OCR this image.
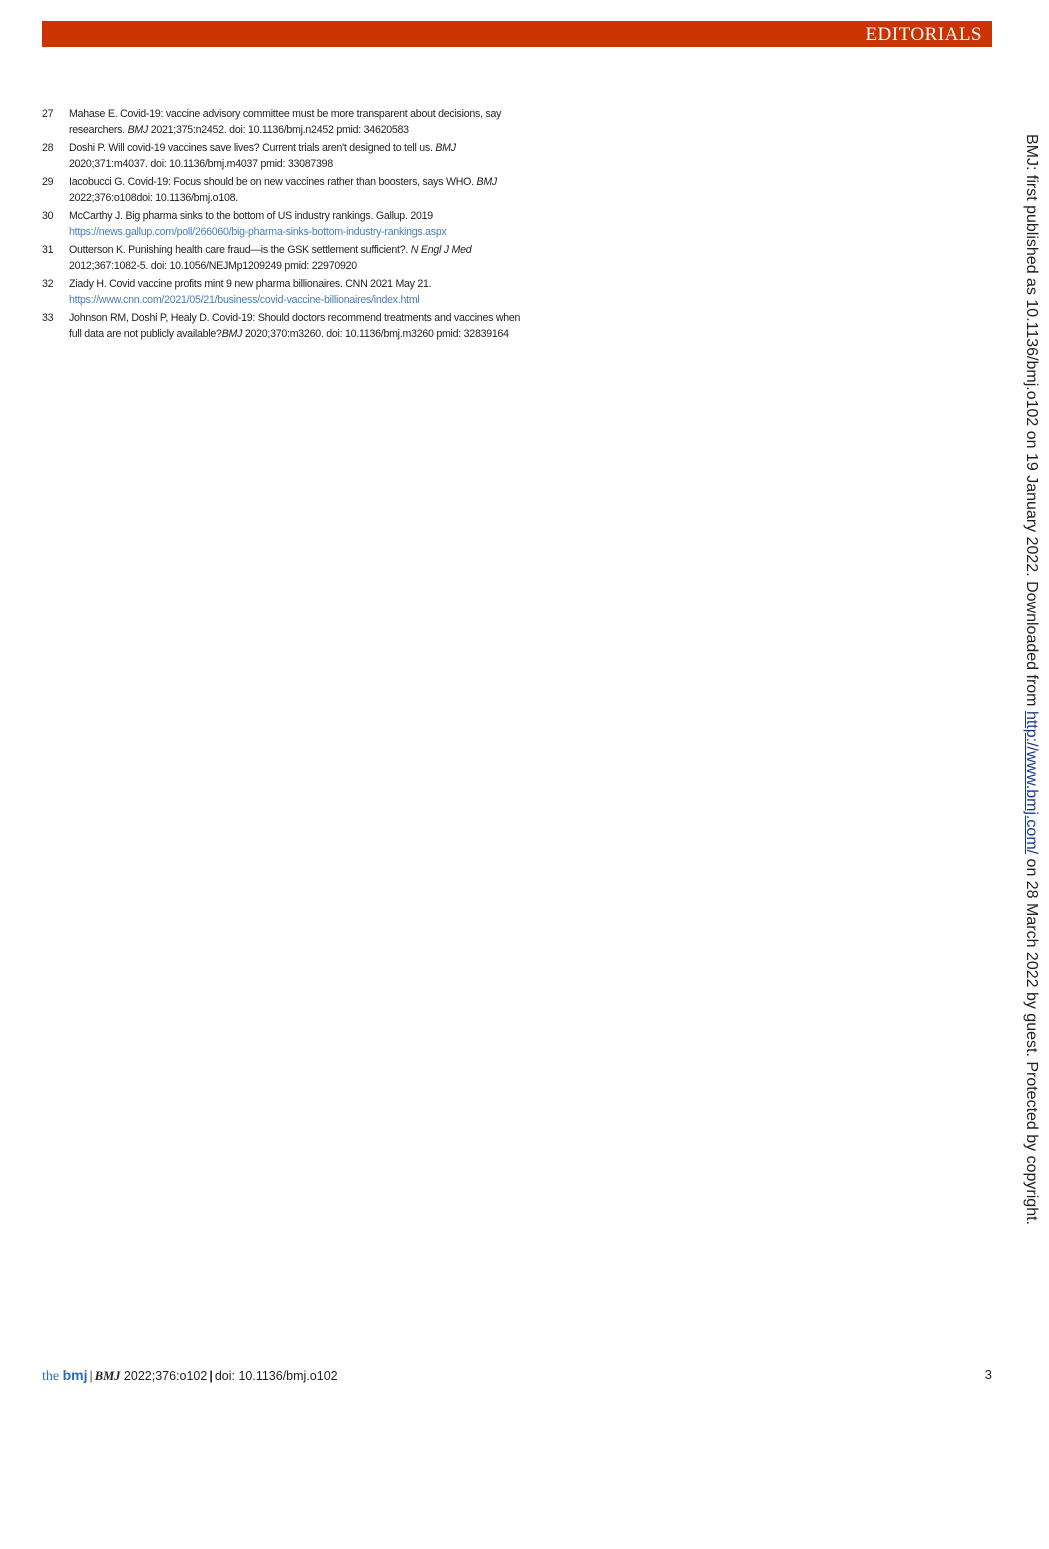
EDITORIALS
27 Mahase E. Covid-19: vaccine advisory committee must be more transparent about decisions, say researchers. BMJ 2021;375:n2452. doi: 10.1136/bmj.n2452 pmid: 34620583
28 Doshi P. Will covid-19 vaccines save lives? Current trials aren't designed to tell us. BMJ 2020;371:m4037. doi: 10.1136/bmj.m4037 pmid: 33087398
29 Iacobucci G. Covid-19: Focus should be on new vaccines rather than boosters, says WHO. BMJ 2022;376:o108doi: 10.1136/bmj.o108.
30 McCarthy J. Big pharma sinks to the bottom of US industry rankings. Gallup. 2019 https://news.gallup.com/poll/266060/big-pharma-sinks-bottom-industry-rankings.aspx
31 Outterson K. Punishing health care fraud—is the GSK settlement sufficient?. N Engl J Med 2012;367:1082-5. doi: 10.1056/NEJMp1209249 pmid: 22970920
32 Ziady H. Covid vaccine profits mint 9 new pharma billionaires. CNN 2021 May 21. https://www.cnn.com/2021/05/21/business/covid-vaccine-billionaires/index.html
33 Johnson RM, Doshi P, Healy D. Covid-19: Should doctors recommend treatments and vaccines when full data are not publicly available?BMJ 2020;370:m3260. doi: 10.1136/bmj.m3260 pmid: 32839164	BMJ: first published as 10.1136/bmj.o102 on 19 January 2022. Downloaded from http://www.bmj.com/ on 28 March 2022 by guest. Protected by copyright.
the bmj | BMJ 2022;376:o102 | doi: 10.1136/bmj.o102	3
